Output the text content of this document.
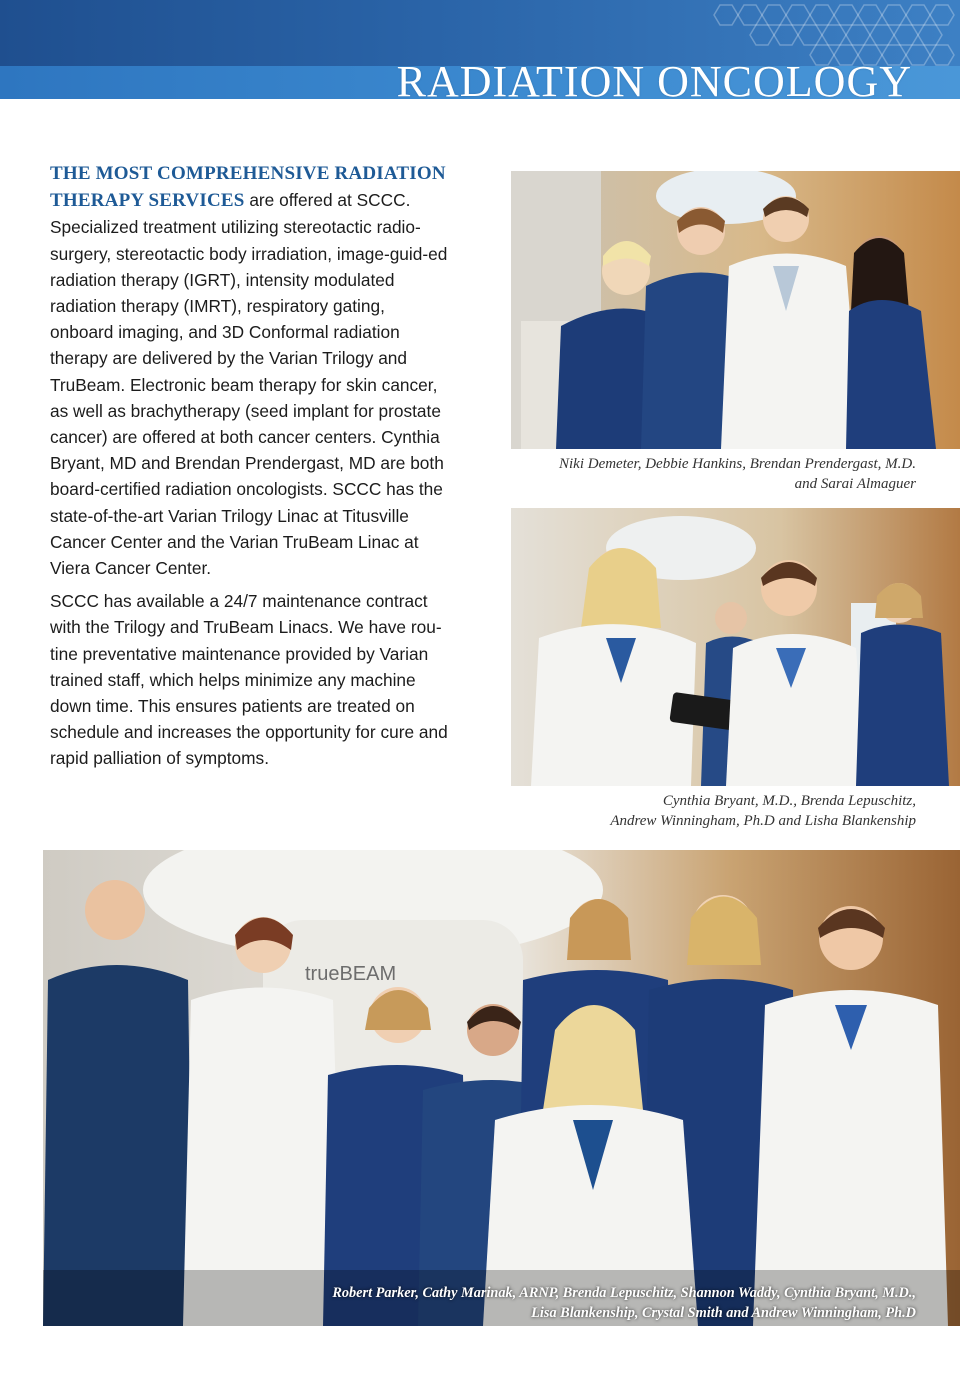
RADIATION ONCOLOGY

THE MOST COMPREHENSIVE RADIATION THERAPY SERVICES are offered at SCCC. Specialized treatment utilizing stereotactic radio-surgery, stereotactic body irradiation, image-guid-ed radiation therapy (IGRT), intensity modulated radiation therapy (IMRT), respiratory gating, onboard imaging, and 3D Conformal radiation therapy are delivered by the Varian Trilogy and TruBeam. Electronic beam therapy for skin cancer, as well as brachytherapy (seed implant for prostate cancer) are offered at both cancer centers. Cynthia Bryant, MD and Brendan Prendergast, MD are both board-certified radiation oncologists. SCCC has the state-of-the-art Varian Trilogy Linac at Titusville Cancer Center and the Varian TruBeam Linac at Viera Cancer Center.

SCCC has available a 24/7 maintenance contract with the Trilogy and TruBeam Linacs. We have rou-tine preventative maintenance provided by Varian trained staff, which helps minimize any machine down time. This ensures patients are treated on schedule and increases the opportunity for cure and rapid palliation of symptoms.

Niki Demeter, Debbie Hankins, Brendan Prendergast, M.D.
and Sarai Almaguer
Cynthia Bryant, M.D., Brenda Lepuschitz,
Andrew Winningham, Ph.D and Lisha Blankenship
trueBEAM
Robert Parker, Cathy Marinak, ARNP, Brenda Lepuschitz, Shannon Waddy, Cynthia Bryant, M.D.,
Lisa Blankenship, Crystal Smith and Andrew Winningham, Ph.D
